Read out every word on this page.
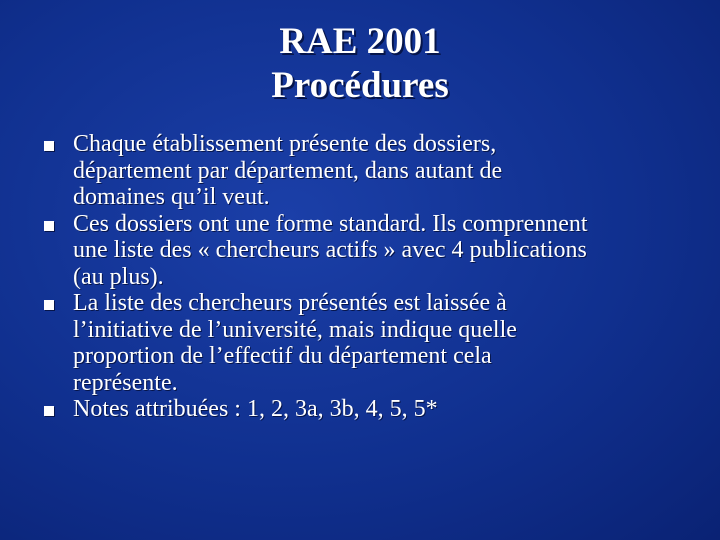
RAE 2001
Procédures
Chaque établissement présente des dossiers,
département par département, dans autant de
domaines qu’il veut.
Ces dossiers ont une forme standard. Ils comprennent
une liste des « chercheurs actifs » avec 4 publications
(au plus).
La liste des chercheurs présentés est laissée à
l’initiative de l’université, mais indique quelle
proportion de l’effectif du département cela
représente.
Notes attribuées : 1, 2, 3a, 3b, 4, 5, 5*
